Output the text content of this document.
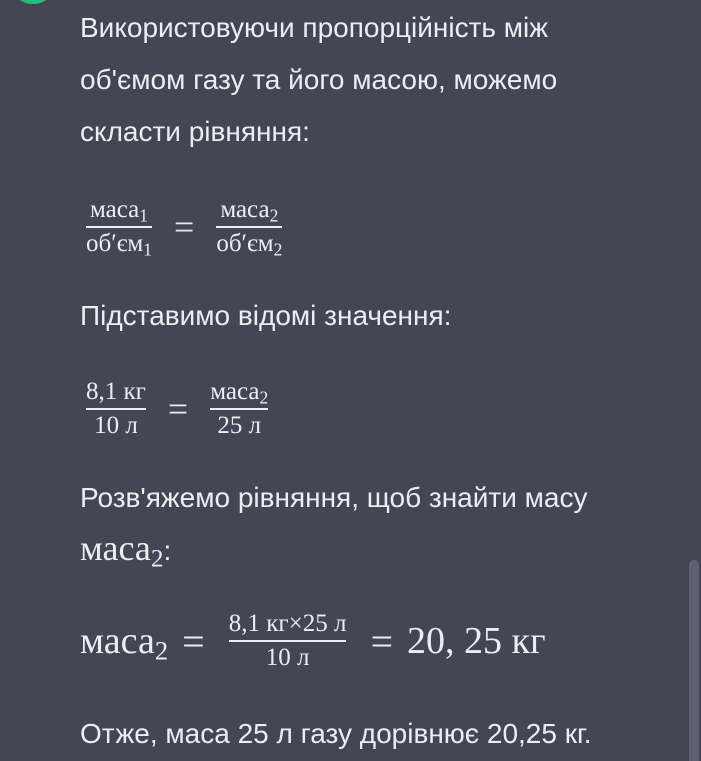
Використовуючи пропорційність між

об'ємом газу та його масою, можемо

скласти рівняння:

$\frac{маса_1}{об'єм_1} = \frac{маса_2}{об'єм_2}$

Підставимо відомі значення:

$\frac{8,1 кг}{10 л} = \frac{маса_2}{25 л}$

Розв'яжемо рівняння, щоб знайти масу

маса$_2$:

маса$_2$ = $\frac{8,1 кг\times 25 л}{10 л} = 20$, 25 кг

Отже, маса 25 л газу дорівнює 20,25 кг.
